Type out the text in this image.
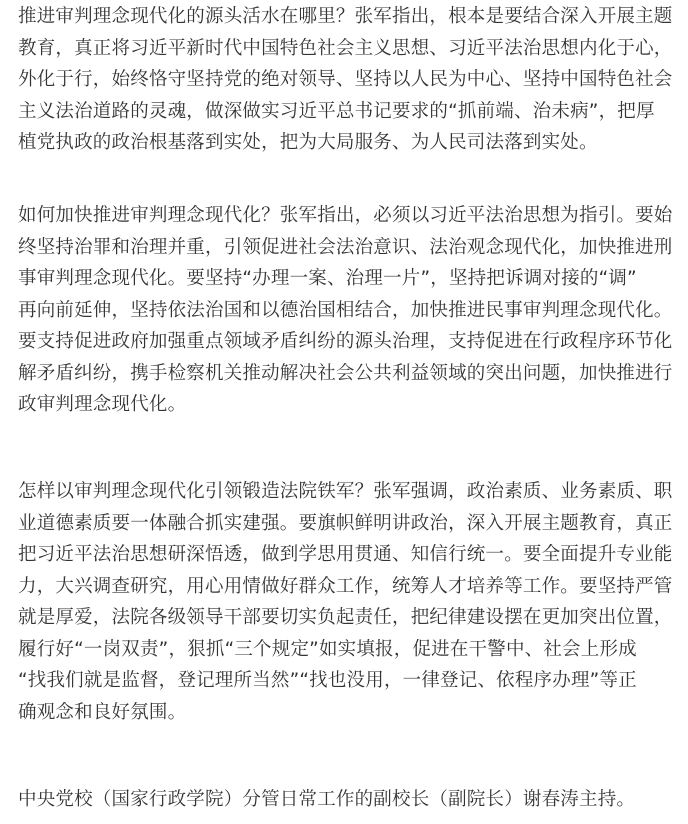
推进审判理念现代化的源头活水在哪里？张军指出，根本是要结合深入开展主题
教育，真正将习近平新时代中国特色社会主义思想、习近平法治思想内化于心，
外化于行，始终恪守坚持党的绝对领导、坚持以人民为中心、坚持中国特色社会
主义法治道路的灵魂，做深做实习近平总书记要求的“抓前端、治未病”，把厚
植党执政的政治根基落到实处，把为大局服务、为人民司法落到实处。

如何加快推进审判理念现代化？张军指出，必须以习近平法治思想为指引。要始
终坚持治罪和治理并重，引领促进社会法治意识、法治观念现代化，加快推进刑
事审判理念现代化。要坚持“办理一案、治理一片”，坚持把诉调对接的“调”
再向前延伸，坚持依法治国和以德治国相结合，加快推进民事审判理念现代化。
要支持促进政府加强重点领域矛盾纠纷的源头治理，支持促进在行政程序环节化
解矛盾纠纷，携手检察机关推动解决社会公共利益领域的突出问题，加快推进行
政审判理念现代化。

怎样以审判理念现代化引领锻造法院铁军？张军强调，政治素质、业务素质、职
业道德素质要一体融合抓实建强。要旗帜鲜明讲政治，深入开展主题教育，真正
把习近平法治思想研深悟透，做到学思用贯通、知信行统一。要全面提升专业能
力，大兴调查研究，用心用情做好群众工作，统筹人才培养等工作。要坚持严管
就是厚爱，法院各级领导干部要切实负起责任，把纪律建设摆在更加突出位置，
履行好“一岗双责”，狠抓“三个规定”如实填报，促进在干警中、社会上形成
“找我们就是监督，登记理所当然”“找也没用，一律登记、依程序办理”等正
确观念和良好氛围。

中央党校（国家行政学院）分管日常工作的副校长（副院长）谢春涛主持。
